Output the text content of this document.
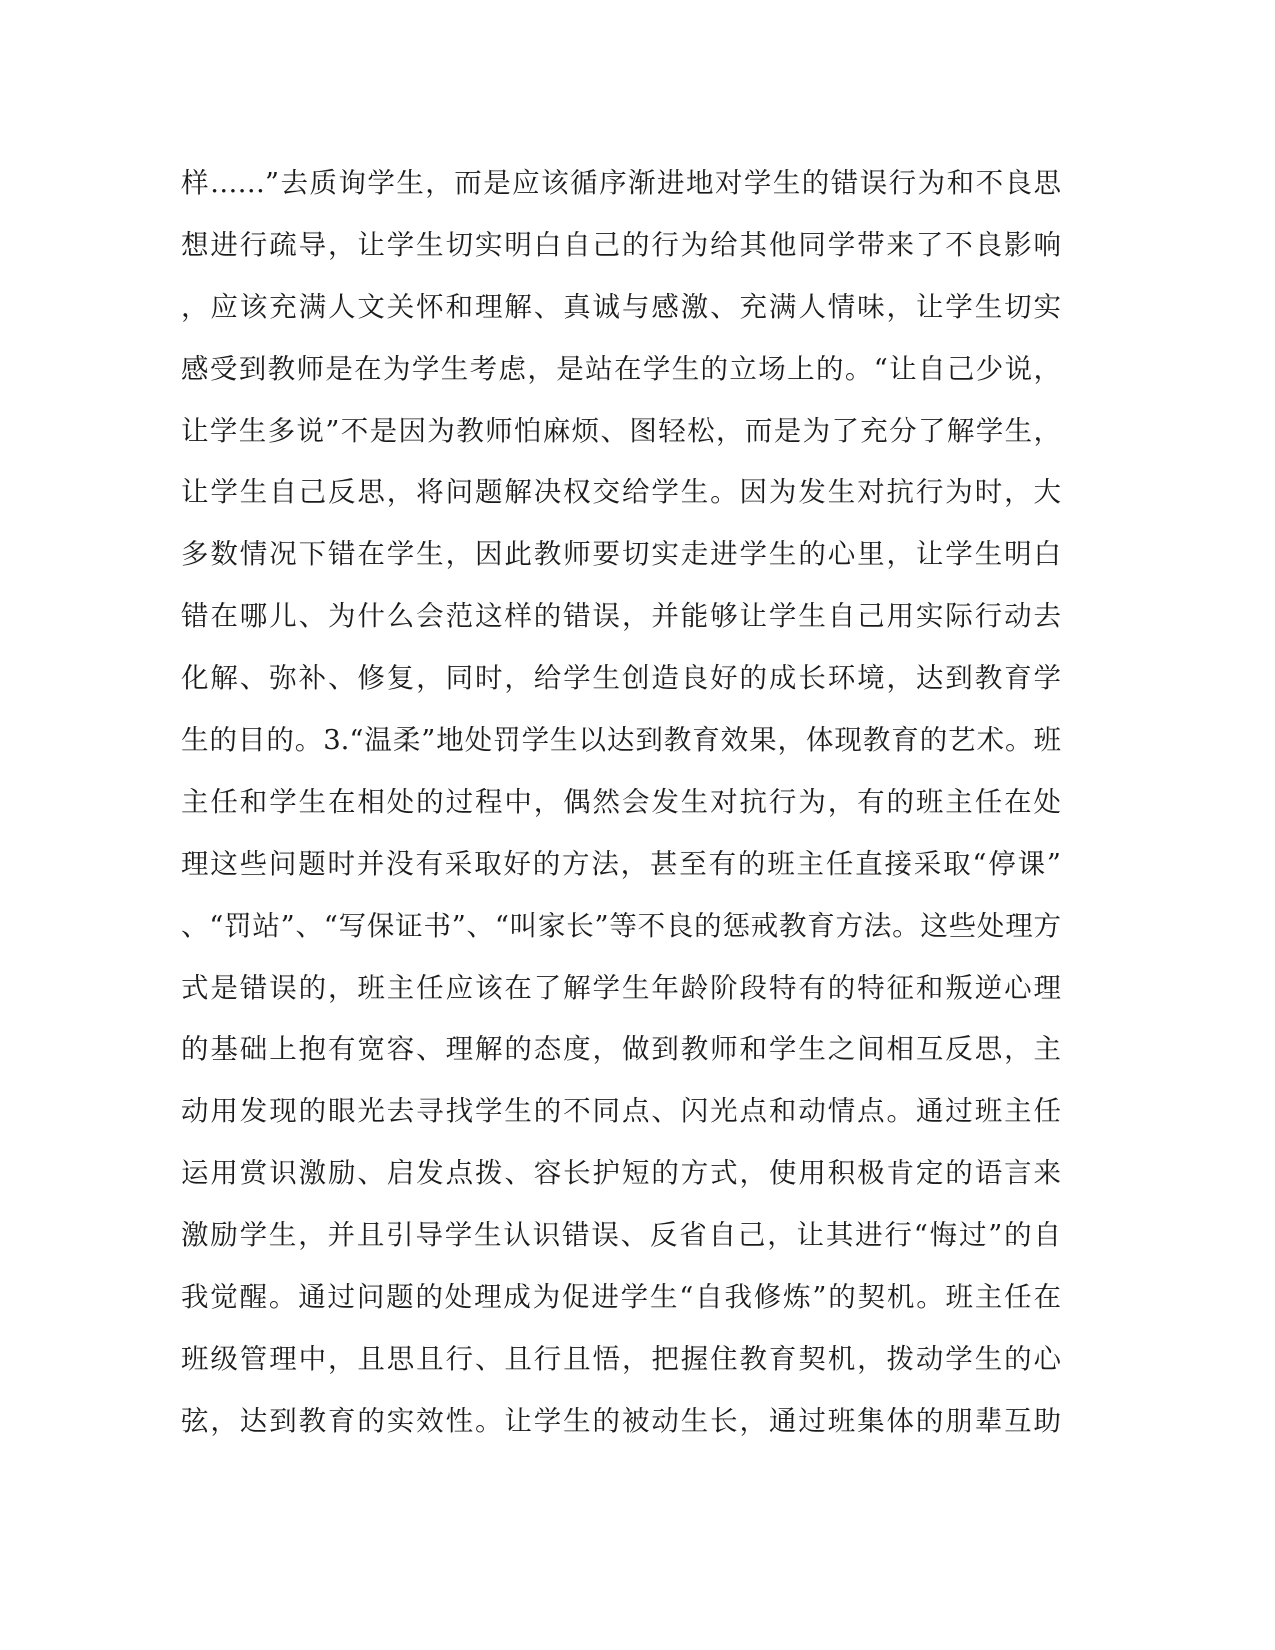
样……”去质询学生，而是应该循序渐进地对学生的错误行为和不良思
想进行疏导，让学生切实明白自己的行为给其他同学带来了不良影响
，应该充满人文关怀和理解、真诚与感激、充满人情味，让学生切实
感受到教师是在为学生考虑，是站在学生的立场上的。“让自己少说，
让学生多说”不是因为教师怕麻烦、图轻松，而是为了充分了解学生，
让学生自己反思，将问题解决权交给学生。因为发生对抗行为时，大
多数情况下错在学生，因此教师要切实走进学生的心里，让学生明白
错在哪儿、为什么会范这样的错误，并能够让学生自己用实际行动去
化解、弥补、修复，同时，给学生创造良好的成长环境，达到教育学
生的目的。3.“温柔”地处罚学生以达到教育效果，体现教育的艺术。班
主任和学生在相处的过程中，偶然会发生对抗行为，有的班主任在处
理这些问题时并没有采取好的方法，甚至有的班主任直接采取“停课”
、“罚站”、“写保证书”、“叫家长”等不良的惩戒教育方法。这些处理方
式是错误的，班主任应该在了解学生年龄阶段特有的特征和叛逆心理
的基础上抱有宽容、理解的态度，做到教师和学生之间相互反思，主
动用发现的眼光去寻找学生的不同点、闪光点和动情点。通过班主任
运用赏识激励、启发点拨、容长护短的方式，使用积极肯定的语言来
激励学生，并且引导学生认识错误、反省自己，让其进行“悔过”的自
我觉醒。通过问题的处理成为促进学生“自我修炼”的契机。班主任在
班级管理中，且思且行、且行且悟，把握住教育契机，拨动学生的心
弦，达到教育的实效性。让学生的被动生长，通过班集体的朋辈互助
